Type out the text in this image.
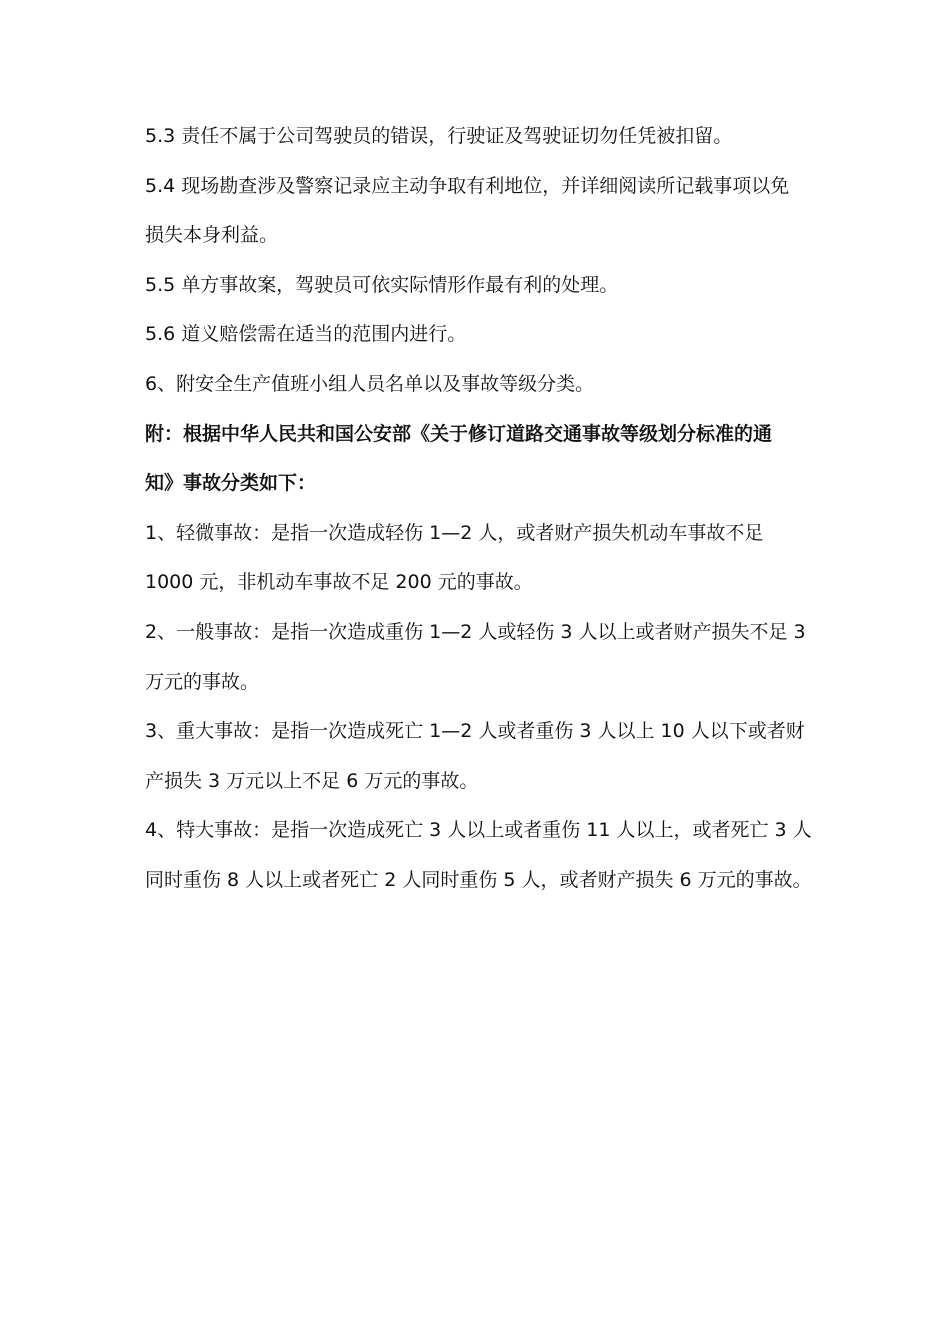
5.3 责任不属于公司驾驶员的错误，行驶证及驾驶证切勿任凭被扣留。
5.4 现场勘查涉及警察记录应主动争取有利地位，并详细阅读所记载事项以免
损失本身利益。
5.5 单方事故案，驾驶员可依实际情形作最有利的处理。
5.6 道义赔偿需在适当的范围内进行。
6、附安全生产值班小组人员名单以及事故等级分类。
附：根据中华人民共和国公安部《关于修订道路交通事故等级划分标准的通
知》事故分类如下：
1、轻微事故：是指一次造成轻伤 1—2 人，或者财产损失机动车事故不足
1000 元，非机动车事故不足 200 元的事故。
2、一般事故：是指一次造成重伤 1—2 人或轻伤 3 人以上或者财产损失不足 3
万元的事故。
3、重大事故：是指一次造成死亡 1—2 人或者重伤 3 人以上 10 人以下或者财
产损失 3 万元以上不足 6 万元的事故。
4、特大事故：是指一次造成死亡 3 人以上或者重伤 11 人以上，或者死亡 3 人
同时重伤 8 人以上或者死亡 2 人同时重伤 5 人，或者财产损失 6 万元的事故。
